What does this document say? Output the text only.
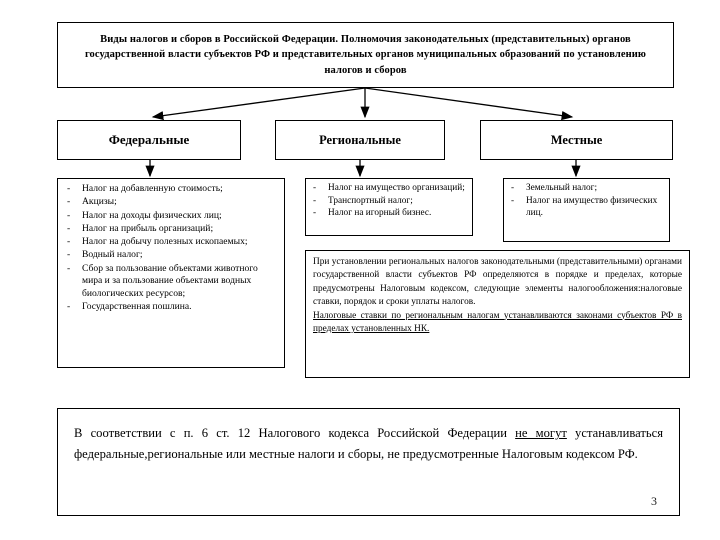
Виды налогов и сборов в Российской Федерации. Полномочия законодательных (представительных) органов государственной власти субъектов РФ и представительных органов муниципальных образований по установлению налогов и сборов
Федеральные	Региональные	Местные
- Налог на добавленную стоимость;
- Акцизы;
- Налог на доходы физических лиц;
- Налог на прибыль организаций;
- Налог на добычу полезных ископаемых;
- Водный налог;
- Сбор за пользование объектами животного мира и за пользование объектами водных биологических ресурсов;
- Государственная пошлина.
- Налог на имущество организаций;
- Транспортный налог;
- Налог на игорный бизнес.
- Земельный налог;
- Налог на имущество физических лиц.

При установлении региональных налогов законодательными (представительными) органами государственной власти субъектов РФ определяются в порядке и пределах, которые предусмотрены Налоговым кодексом, следующие элементы налогообложения:налоговые ставки, порядок и сроки уплаты налогов.

Налоговые ставки по региональным налогам устанавливаются законами субъектов РФ в пределах установленных НК.

В соответствии с п. 6 ст. 12 Налогового кодекса Российской Федерации не могут устанавливаться федеральные,региональные или местные налоги и сборы, не предусмотренные Налоговым кодексом РФ.

3
